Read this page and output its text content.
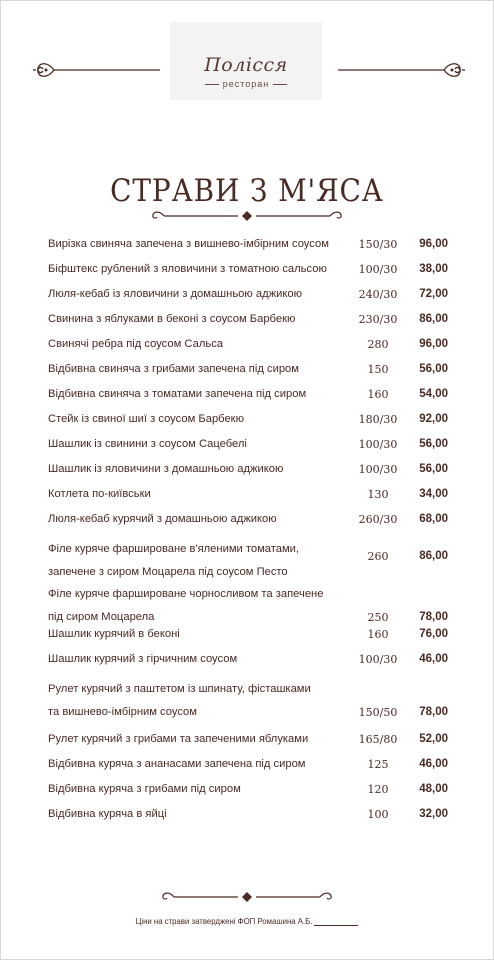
Полісся
ресторан
СТРАВИ З М'ЯСА
Вирізка свиняча запечена з вишнево-імбірним соусом	150/30	96,00
Біфштекс рублений з яловичини з томатною сальсою	100/30	38,00
Люля-кебаб із яловичини з домашньою аджикою	240/30	72,00
Свинина з яблуками в беконі з соусом Барбекю	230/30	86,00
Свинячі ребра під соусом Сальса	280	96,00
Відбивна свиняча з грибами запечена під сиром	150	56,00
Відбивна свиняча з томатами запечена під сиром	160	54,00
Стейк із свиної шиї з соусом Барбекю	180/30	92,00
Шашлик із свинини з соусом Сацебелі	100/30	56,00
Шашлик із яловичини з домашньою аджикою	100/30	56,00
Котлета по-київськи	130	34,00
Люля-кебаб курячий з домашньою аджикою	260/30	68,00
Філе куряче фаршироване в'яленими томатами,
запечене з сиром Моцарела під соусом Песто
260	86,00
Філе куряче фаршироване чорносливом та запечене
під сиром Моцарела	250	78,00
Шашлик курячий в беконі	160	76,00
Шашлик курячий з гірчичним соусом	100/30	46,00
Рулет курячий з паштетом із шпинату, фісташками
та вишнево-імбірним соусом	150/50	78,00
Рулет курячий з грибами та запеченими яблуками	165/80	52,00
Відбивна куряча з ананасами запечена під сиром	125	46,00
Відбивна куряча з грибами під сиром	120	48,00
Відбивна куряча в яйці	100	32,00
Ціни на страви затверджені ФОП Ромашина А.Б.
